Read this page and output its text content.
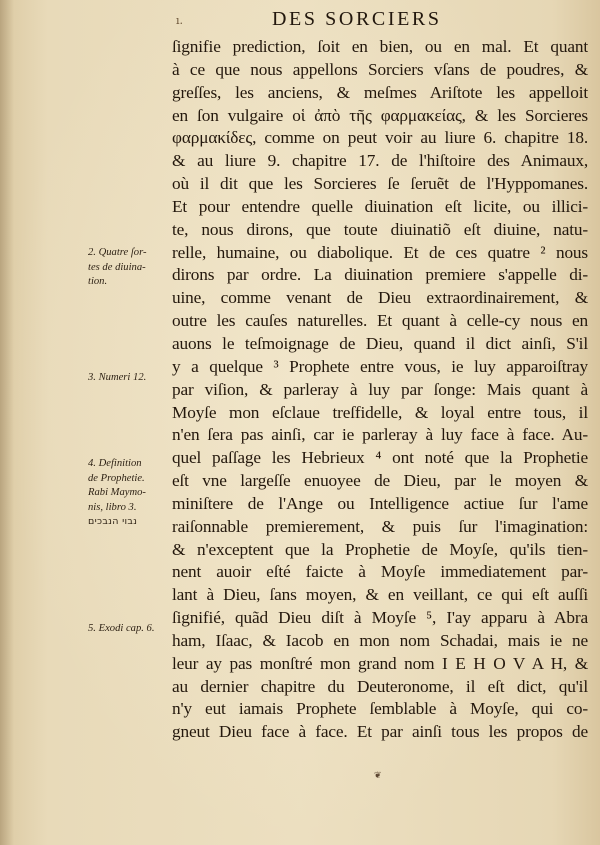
ı.	DES SORCIERS
ſignifie prediction, ſoit en bien, ou en mal. Et quant
à ce que nous appellons Sorciers vſans de poudres, &
greſſes, les anciens, & meſmes Ariſtote les appelloit
en ſon vulgaire οἱ ἀπὸ τῆς φαρμακείας, & les Sorcieres
φαρμακίδες, comme on peut voir au liure 6. chapitre 18.
& au liure 9. chapitre 17. de l'hiſtoire des Animaux,
où il dit que les Sorcieres ſe ſeruẽt de l'Hyppomanes.
Et pour entendre quelle diuination eſt licite, ou illici-
te, nous dirons, que toute diuinatiõ eſt diuine, natu-
relle, humaine, ou diabolique. Et de ces quatre ² nous
dirons par ordre. La diuination premiere s'appelle di-
uine, comme venant de Dieu extraordinairement, &
outre les cauſes naturelles. Et quant à celle-cy nous en
auons le teſmoignage de Dieu, quand il dict ainſi, S'il
y a quelque ³ Prophete entre vous, ie luy apparoiſtray
par viſion, & parleray à luy par ſonge: Mais quant à
Moyſe mon eſclaue treſfidelle, & loyal entre tous, il
n'en ſera pas ainſi, car ie parleray à luy face à face. Au-
quel paſſage les Hebrieux ⁴ ont noté que la Prophetie
eſt vne largeſſe enuoyee de Dieu, par le moyen &
miniſtere de l'Ange ou Intelligence actiue ſur l'ame
raiſonnable premierement, & puis ſur l'imagination:
& n'exceptent que la Prophetie de Moyſe, qu'ils tien-
nent auoir eſté faicte à Moyſe immediatement par-
lant à Dieu, ſans moyen, & en veillant, ce qui eſt auſſi
ſignifié, quãd Dieu diſt à Moyſe ⁵, I'ay apparu à Abra
ham, Iſaac, & Iacob en mon nom Schadai, mais ie ne
leur ay pas monſtré mon grand nom I E H O V A H, &
au dernier chapitre du Deuteronome, il eſt dict, qu'il
n'y eut iamais Prophete ſemblable à Moyſe, qui co-
gneut Dieu face à face. Et par ainſi tous les propos de
2. Quatre ſor-
tes de diuina-
tion.
3. Numeri 12.
4. Definition
de Prophetie.
Rabi Maymo-
nis, libro 3.
נבוי הנבכים
5. Exodi cap. 6.
❦
